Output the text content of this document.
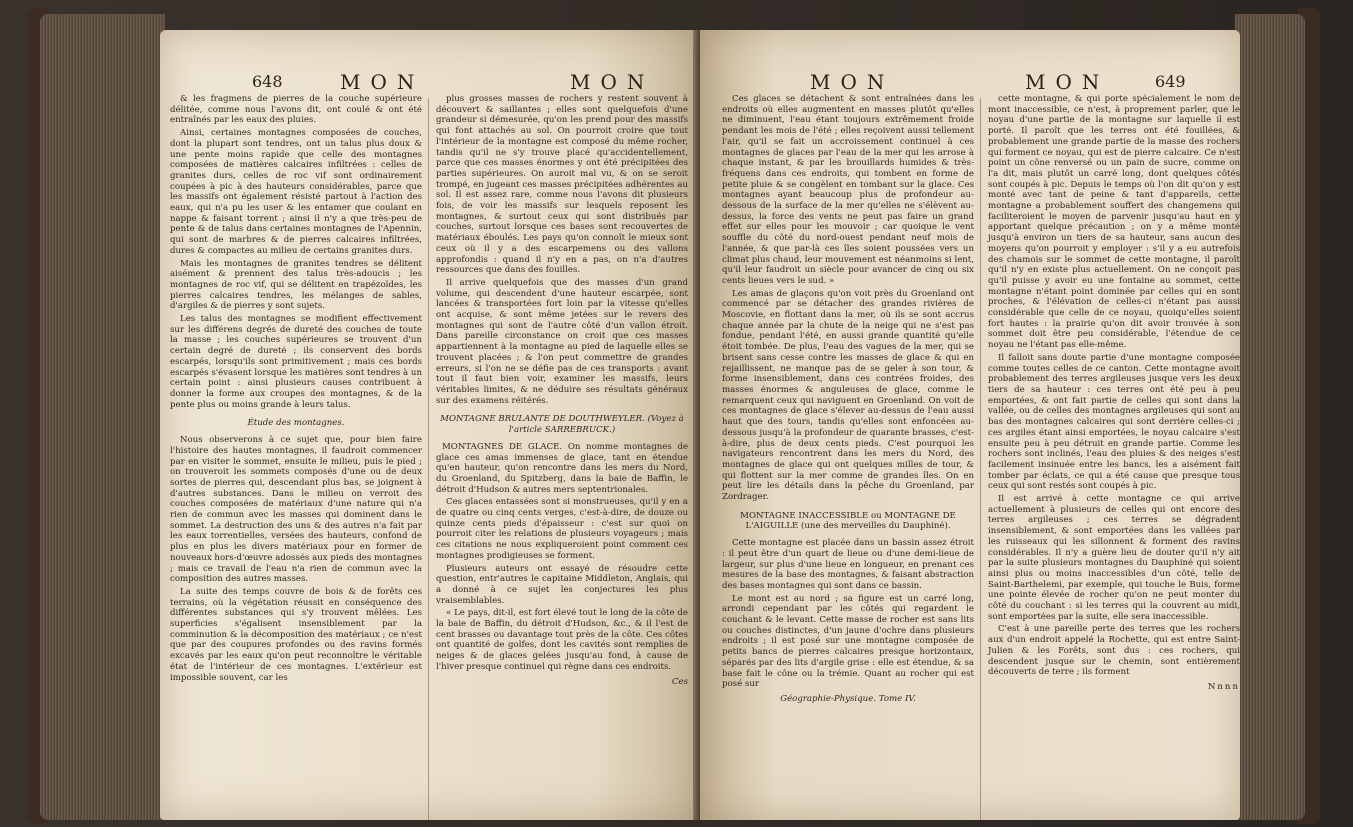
648	MON	MON

& les fragmens de pierres de la couche supérieure délitée, comme nous l'avons dit, ont coulé & ont été entraînés par les eaux des pluies.

Ainsi, certaines montagnes composées de couches, dont la plupart sont tendres, ont un talus plus doux & une pente moins rapide que celle des montagnes composées de matières calcaires infiltrées : celles de granites durs, celles de roc vif sont ordinairement coupées à pic à des hauteurs considérables, parce que les massifs ont également résisté partout à l'action des eaux, qui n'a pu les user & les entamer que coulant en nappe & faisant torrent ; ainsi il n'y a que très-peu de pente & de talus dans certaines montagnes de l'Apennin, qui sont de marbres & de pierres calcaires infiltrées, dures & compactes au milieu de certains granites durs.

Mais les montagnes de granites tendres se délitent aisément & prennent des talus très-adoucis ; les montagnes de roc vif, qui se délitent en trapézoïdes, les pierres calcaires tendres, les mélanges de sables, d'argiles & de pierres y sont sujets.

Les talus des montagnes se modifient effectivement sur les différens degrés de dureté des couches de toute la masse ; les couches supérieures se trouvent d'un certain degré de dureté ; ils conservent des bords escarpés, lorsqu'ils sont primitivement ; mais ces bords escarpés s'évasent lorsque les matières sont tendres à un certain point : ainsi plusieurs causes contribuent à donner la forme aux croupes des montagnes, & de la pente plus ou moins grande à leurs talus.

Étude des montagnes.

Nous observerons à ce sujet que, pour bien faire l'histoire des hautes montagnes, il faudroit commencer par en visiter le sommet, ensuite le milieu, puis le pied ; on trouveroit les sommets composés d'une ou de deux sortes de pierres qui, descendant plus bas, se joignent à d'autres substances. Dans le milieu on verroit des couches composées de matériaux d'une nature qui n'a rien de commun avec les masses qui dominent dans le sommet. La destruction des uns & des autres n'a fait par les eaux torrentielles, versées des hauteurs, confond de plus en plus les divers matériaux pour en former de nouveaux hors-d'œuvre adossés aux pieds des montagnes ; mais ce travail de l'eau n'a rien de commun avec la composition des autres masses.

La suite des temps couvre de bois & de forêts ces terrains, où la végétation réussit en conséquence des différentes substances qui s'y trouvent mêlées. Les superficies s'égalisent insensiblement par la comminution & la décomposition des matériaux ; ce n'est que par des coupures profondes ou des ravins formés excavés par les eaux qu'on peut reconnoître le véritable état de l'intérieur de ces montagnes. L'extérieur est impossible souvent, car les

plus grosses masses de rochers y restent souvent à découvert & saillantes ; elles sont quelquefois d'une grandeur si démesurée, qu'on les prend pour des massifs qui font attachés au sol. On pourroit croire que tout l'intérieur de la montagne est composé du même rocher, tandis qu'il ne s'y trouve placé qu'accidentellement, parce que ces masses énormes y ont été précipitées des parties supérieures. On auroit mal vu, & on se seroit trompé, en jugeant ces masses précipitées adhérentes au sol. Il est assez rare, comme nous l'avons dit plusieurs fois, de voir les massifs sur lesquels reposent les montagnes, & surtout ceux qui sont distribués par couches, surtout lorsque ces bases sont recouvertes de matériaux éboulés. Les pays qu'on connoît le mieux sont ceux où il y a des escarpemens ou des vallons approfondis : quand il n'y en a pas, on n'a d'autres ressources que dans des fouilles.

Il arrive quelquefois que des masses d'un grand volume, qui descendent d'une hauteur escarpée, sont lancées & transportées fort loin par la vitesse qu'elles ont acquise, & sont même jetées sur le revers des montagnes qui sont de l'autre côté d'un vallon étroit. Dans pareille circonstance on croit que ces masses appartiennent à la montagne au pied de laquelle elles se trouvent placées ; & l'on peut commettre de grandes erreurs, si l'on ne se défie pas de ces transports : avant tout il faut bien voir, examiner les massifs, leurs véritables limites, & ne déduire ses résultats généraux sur des examens réitérés.

MONTAGNE BRULANTE DE DOUTHWEYLER. (Voyez à l'article SARREBRUCK.)

MONTAGNES DE GLACE. On nomme montagnes de glace ces amas immenses de glace, tant en étendue qu'en hauteur, qu'on rencontre dans les mers du Nord, du Groenland, du Spitzberg, dans la baie de Baffin, le détroit d'Hudson & autres mers septentrionales.

Ces glaces entassées sont si monstrueuses, qu'il y en a de quatre ou cinq cents verges, c'est-à-dire, de douze ou quinze cents pieds d'épaisseur : c'est sur quoi on pourroit citer les relations de plusieurs voyageurs ; mais ces citations ne nous expliqueroient point comment ces montagnes prodigieuses se forment.

Plusieurs auteurs ont essayé de résoudre cette question, entr'autres le capitaine Middleton, Anglais, qui a donné à ce sujet les conjectures les plus vraisemblables.

« Le pays, dit-il, est fort élevé tout le long de la côte de la baie de Baffin, du détroit d'Hudson, &c., & il l'est de cent brasses ou davantage tout près de la côte. Ces côtes ont quantité de golfes, dont les cavités sont remplies de neiges & de glaces gelées jusqu'au fond, à cause de l'hiver presque continuel qui règne dans ces endroits.

Ces

MON	MON	649

Ces glaces se détachent & sont entraînées dans les endroits où elles augmentent en masses plutôt qu'elles ne diminuent, l'eau étant toujours extrêmement froide pendant les mois de l'été ; elles reçoivent aussi tellement l'air, qu'il se fait un accroissement continuel à ces montagnes de glaces par l'eau de la mer qui les arrose à chaque instant, & par les brouillards humides & très-fréquens dans ces endroits, qui tombent en forme de petite pluie & se congèlent en tombant sur la glace. Ces montagnes ayant beaucoup plus de profondeur au-dessous de la surface de la mer qu'elles ne s'élèvent au-dessus, la force des vents ne peut pas faire un grand effet sur elles pour les mouvoir ; car quoique le vent souffle du côté du nord-ouest pendant neuf mois de l'année, & que par-là ces îles soient poussées vers un climat plus chaud, leur mouvement est néanmoins si lent, qu'il leur faudroit un siècle pour avancer de cinq ou six cents lieues vers le sud. »

Les amas de glaçons qu'on voit près du Groenland ont commencé par se détacher des grandes rivières de Moscovie, en flottant dans la mer, où ils se sont accrus chaque année par la chute de la neige qui ne s'est pas fondue, pendant l'été, en aussi grande quantité qu'elle étoit tombée. De plus, l'eau des vagues de la mer, qui se brisent sans cesse contre les masses de glace & qui en rejaillissent, ne manque pas de se geler à son tour, & forme insensiblement, dans ces contrées froides, des masses énormes & anguleuses de glace, comme le remarquent ceux qui naviguent en Groenland. On voit de ces montagnes de glace s'élever au-dessus de l'eau aussi haut que des tours, tandis qu'elles sont enfoncées au-dessous jusqu'à la profondeur de quarante brasses, c'est-à-dire, plus de deux cents pieds. C'est pourquoi les navigateurs rencontrent dans les mers du Nord, des montagnes de glace qui ont quelques milles de tour, & qui flottent sur la mer comme de grandes îles. On en peut lire les détails dans la pêche du Groenland, par Zordrager.

MONTAGNE INACCESSIBLE ou MONTAGNE DE L'AIGUILLE (une des merveilles du Dauphiné).

Cette montagne est placée dans un bassin assez étroit : il peut être d'un quart de lieue ou d'une demi-lieue de largeur, sur plus d'une lieue en longueur, en prenant ces mesures de la base des montagnes, & faisant abstraction des bases montagnes qui sont dans ce bassin.

Le mont est au nord ; sa figure est un carré long, arrondi cependant par les côtés qui regardent le couchant & le levant. Cette masse de rocher est sans lits ou couches distinctes, d'un jaune d'ochre dans plusieurs endroits ; il est posé sur une montagne composée de petits bancs de pierres calcaires presque horizontaux, séparés par des lits d'argile grise : elle est étendue, & sa base fait le cône ou la trémie. Quant au rocher qui est posé sur

Géographie-Physique. Tome IV.

cette montagne, & qui porte spécialement le nom de mont inaccessible, ce n'est, à proprement parler, que le noyau d'une partie de la montagne sur laquelle il est porté. Il paroît que les terres ont été fouillées, & probablement une grande partie de la masse des rochers qui forment ce noyau, qui est de pierre calcaire. Ce n'est point un cône renversé ou un pain de sucre, comme on l'a dit, mais plutôt un carré long, dont quelques côtés sont coupés à pic. Depuis le temps où l'on dit qu'on y est monté avec tant de peine & tant d'appareils, cette montagne a probablement souffert des changemens qui faciliteroient le moyen de parvenir jusqu'au haut en y apportant quelque précaution ; on y a même monté jusqu'à environ un tiers de sa hauteur, sans aucun des moyens qu'on pourroit y employer : s'il y a eu autrefois des chamois sur le sommet de cette montagne, il paroît qu'il n'y en existe plus actuellement. On ne conçoit pas qu'il puisse y avoir eu une fontaine au sommet, cette montagne n'étant point dominée par celles qui en sont proches, & l'élévation de celles-ci n'étant pas aussi considérable que celle de ce noyau, quoiqu'elles soient fort hautes : la prairie qu'on dit avoir trouvée à son sommet doit être peu considérable, l'étendue de ce noyau ne l'étant pas elle-même.

Il falloit sans doute partie d'une montagne composée comme toutes celles de ce canton. Cette montagne avoit probablement des terres argileuses jusque vers les deux tiers de sa hauteur : ces terres ont été peu à peu emportées, & ont fait partie de celles qui sont dans la vallée, ou de celles des montagnes argileuses qui sont au bas des montagnes calcaires qui sont derrière celles-ci ; ces argiles étant ainsi emportées, le noyau calcaire s'est ensuite peu à peu détruit en grande partie. Comme les rochers sont inclinés, l'eau des pluies & des neiges s'est facilement insinuée entre les bancs, les a aisément fait tomber par éclats, ce qui a été cause que presque tous ceux qui sont restés sont coupés à pic.

Il est arrivé à cette montagne ce qui arrive actuellement à plusieurs de celles qui ont encore des terres argileuses ; ces terres se dégradent insensiblement, & sont emportées dans les vallées par les ruisseaux qui les sillonnent & forment des ravins considérables. Il n'y a guère lieu de douter qu'il n'y ait par la suite plusieurs montagnes du Dauphiné qui soient ainsi plus ou moins inaccessibles d'un côté, telle de Saint-Barthelemi, par exemple, qui touche le Buis, forme une pointe élevée de rocher qu'on ne peut monter du côté du couchant : si les terres qui la couvrent au midi, sont emportées par la suite, elle sera inaccessible.

C'est à une pareille perte des terres que les rochers aux d'un endroit appelé la Rochette, qui est entre Saint-Julien & les Forêts, sont dus : ces rochers, qui descendent jusque sur le chemin, sont entièrement découverts de terre ; ils forment

Nnnn
